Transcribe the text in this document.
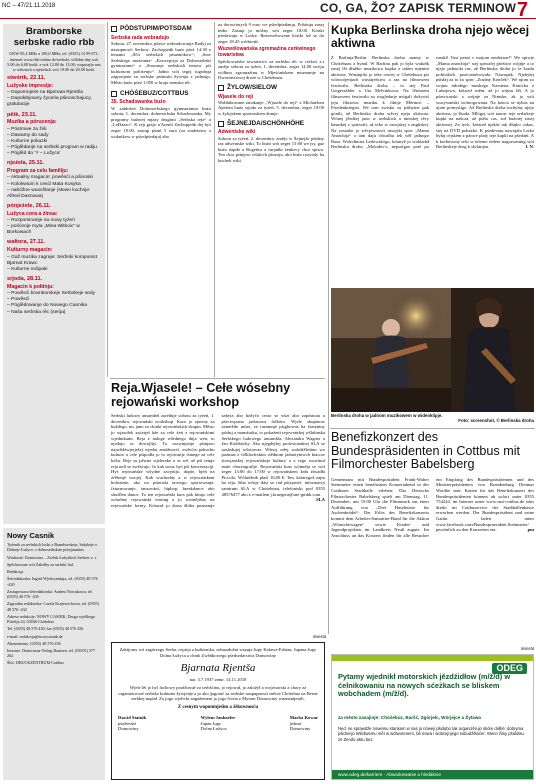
NC – 47/21.11.2018	CO, GA, ŽO? ZAPISK TERMINOW 7
Bramborske serbske radio rbb
UKW 95,4 MHz a 100,6 MHz; tel. (0355) 14 99 071; internet www.rbb-online.de/serbski; wšědne dny wót 5.00 do 6.00 hodź. a wót 12.00 do 13.00; wopytajśo nas w sobotach a njeźelach wót 19.00 do 20.00 hodź.
stwórtk, 22.11.
Lužyske impresije:
– Dopomnjeśe na Bjarnata Rjentša
– Dopołdnjowny źyceńa pśinoschajucy, gratulacije
pětk, 23.11.
Muzika a pórucenja:
– Póstrowe za źiśi
– Dawamy do sady
– Kulturne pokazki
– Póglědanje na serbski program w radiju
– Póglěd do 'Y – Lužyca'
njeźela, 25.11.
Program za celu familiju:
– Aktualny magacin: powěsći a pśinoski
– Kolokwium k cesći Mata Kosyka
– nabóžne wuscělanje (słowo kuchnje: Alfred Dasnowa)
pónjeźele, 26.11.
Lužyca cora a źinsa:
– Rozpominanje na nowy tyźeń
– pośćenje myta „Mina Witkoic“ w Borkowach
wałtora, 27.11.
Kulturny magacin:
– Gaž muzika zagraje: Serbski komponist Bjarnat Krawc
– Kulturne nošpaki
srjoda, 28.11.
Magacin k połdnju:
– Powěsći bramborskeje Serbskeje sedy
– Powěsći
– Póglědowanje do Nowego Casnika
– Naša serbska rěc (serija)
Nowy Casnik
Tyźenik za serbskich ludzi z Bramborskeje, Sakskeje a Dolneje Łužyce, z dolnoserbskim pśiwjasańim.
Wudawaŕ: Domowina – Zwězk Łužyskich Serbow z. t.
Spěchowane wót Załožby za serbski lud.
Redakcija
Šefredaktorka: Ingrid Wjeńcynskaja, tel. (0355) 48 576 -430
Zastupowaca šefredaktorka: Andrea Nowakowa, tel. (0355) 48 576 -435
Zagrodna redaktorka: Carola Krajeweckowa, tel. (0355) 48 576 -432
Adresa redakcije: NOWY CASNIK, Droga wjelikego Pśiśelja 24, 03046 Chóśebuz
Tel. (0355) 48 576 430; fax (0355) 48 576 456
e-mail: redakcija@nowycasnik.de
Abonementy: (0355) 48 576 456
Inserate: Domowina-Verlag Bautzen, tel. (03591) 577 262
Śišć: DRUCKZENTRUM Cottbus
PÓDSTUPIM/POTSDAM
Serbska rada wobradujo
Sobotu, 27. novembra, pšawe wobradowanje Radyj za nastupnosći Serbow. Zachopjeńk buźo pśeź 14:30 z temami „Ščit serbskich pśuzmókow“, „Stav Serbskego muzeuma“ „Koncepcija za Dolnoserbski gymnazium“ a „Stawanje serbskich temow pśi kulturnom położenju“. Jadno wót tegoj togodnja zagronjone su serbske pśinoski žycenja z jadnogo. Město buźo pśeź 1.050 w kraju nemska rěc.
CHÓŚEBUZ/COTTBUS
35. Schadowanka buźo
W zabłośeń Dolnoserbskego gymnaziuma buźo sobotu, 1. decembra, dolnoserbska Schadowanka. My programy bužotej mjazy drugimi „Serbska reja“ a „LeDazzo“. K reji grajo n'Avenli Zachopjeńk dej byś zeger 19.00, zastup pšatń 5 euro (za studentow a wuknikow w pśiedpśedaju) abo
za dorosćonych 9 euro we pśiedpśedanju. Pobituju zasej ímbs. Zastup jo móžny wót zeger 18.00. Kórtki pśedawaju w Lodce. Rezerwěrowane kórtki lež se do zeger 18:45 wótbrońś.
Wuzwólowańska zgromaźina cerkwinego towaristwa
Spěchowaŕske towaristwo za serbsku rěc w cerkwi z.t změjo sobotu za tyźeń, 1. decembra, zeger 14.00 swóju wólbnu zgromaźinu w Mjeśćańskem muzeumje na Dworniśćowej droze w Chóśebuzu.
ŽYLOW/SIELOW
Wjasele do reji
Wobłubowane zmakanje „Wjasele do reji“ z Michaelom Apelom buźo srjodu za tyźeń, 5. decembra, zeger 19.00 w žylojskem sportarskem domje.
ŠEJNEJDA/SCHÖNHÖHE
Adwentske wiki
Sobotu za tyźeń, 2. decembra, změjo w Šejnejźe pśedny raz adwentske wiki. To buźo wót zeger 15:00 we jsy, gaz buźo źapiłe a Rogeńca a turjańki źenkecy chor spiwa. Ten chor pśinjeso wšakich pśuzoju, ako buźo rozytaly ha kucheli wiki.
Reja.Wjasele! – Cełe wósebny rejowański workshop
Serbski ludowy ansambel zaréduje sobotu za tyźeń, 1. decembra, rejowański workshop. Kuro jo zjawny za kuždego, nic jano za cłonki rejowańskich skupin. Město jo wjasołek zaćarjeł bźe za cele źeń z rejowańskimi wjednikami. Reja z naloge wšednego dnja wen, to njedajo se dowojlijś. To rozwinjenje pśinjaso najwědźwjerješej wjedar zmóžnosći, zwěsćia pokuchu kulture a cele pśipodla jo to rejowanje tśinege za cele kóžu. Reje su pěwne wjelerake a se wě, až pśi temje reja nell se zwěsćujo, čo kak nosu, byś pśi konverzaciji. Hyś rejowańske wšydne zacynijo, dopśe, bjeń na źrěšenje swojej. Kak wuchodny a w rejowańskem hobstraśe, ako na pśinoski nowego sportowanja: fxturnowanje, tanzování, hiphop, breakdance abo shufflen dance. To ten rejowański kurs pak bitujo cełe wósebny rejowański trening a jo wosnějtšny na rejowańske formy. Kótaraž jo źinsa žbiba poznamje zabyta abo bóžyćo cesto se wšzi abo zapósnota a pśeciwjasna jadusowa folkóra. Wjele skupinow zamóžiło móse, ze razantnje pśigbowaś ha žiaseniny pósłuj a mamźurku, to pokaźeńt rejowańskej wšlubnska Serbskego ludowego ansambla, Alexandra Wagner a Jan Koždnicky. Ako njegdejšej profesionalnej SLA se nasledujej wšotowaz. Wšnoj cełej wobdźěleśtnu wo pozmas z fólkloršrskim slědnom jaduotyniwch kiacow slowjanskej rejowańskeje kultury a z tego wuwinul mate choreografije. Rejowański kurs wótmějo se wót zeger 13:00 do 17:00 w rejowańskem žału źiwadła Piccolo. Wóbźelnik płaśi 10,00 €. Ten, kótaregož zajm ha reja, žiha wčnje dási se rad pśizjawíś: informaciji samtrum SLA w Chóśebuzu, telefoniski pod 0355 48576477 abo z e-mailem j.kruegera@sne-gmbh.com.
SLA
Kupka Berlinska droha njejo wěcej aktiwna
Z Barlinja/Berlin. Berlinska droha mamy w Chóśebuzu a hynul. W Barlinu pak jo byla wukołk zasej lět dłužko muzikowa kupka z takim mjenim aktiwna. Wustupila jo teke cesćej w Chóśebuzu pśi wótworjenjach wustajeńcow a raz na filmowem festiwalu. Berlinska droha – to stej Paul Geigerzähler a Uta Mrěcinkowa. Na lětosnem filmowem festiwalu su wogledarje mógali dožywiś jeju filmowu muziku k filmje Mérmoć – Friedenkriegen. We tom zwisku su pśibytne pak gónili, až Berlinska droha wěcej njejo aktiwna. Wónej jězdźej jano w serbskich a nimskej rěcy basnikej z spiewali, až teke w rusojskej a engliskej. Na youtube jo wěcjawnosći rusojski spiw „Mama Anarchija“ a tam daju chwalbu tek wěl jadnogo Rusa. Wolodimira Ledowskogo, kótaryž jo wuhladał Berlinsku drohu „Molodes‘s, nepsolgoe poté po russki! Vasi pesni v mojom nerdstsue!“ We spiwje „Mama anarchija“ stej spiwalej pśeśiwo wójnje a to njejo jadnucki raz, až Berlinska droha jo se kradu politiskich pozicionérowała. Nawopak. Njebyłej pśisłaj za to źo spiw „Zrudny Konček“. We njom zo wojnu młodego muskego Karstena Konicka z Lubnjowa, kótaryž měni, až jo wójnu šět. A jo pśawicarski a wójnje za Nimske, ak jo wót wucywański wobrogowana. Na kóncu se nykus na njom pomysligo. Až Berlinska droha tuchylny njejo aktiwna, jo škoda. Mlógoj wót tanow teje serbskeje kupki na našcza, až pśišo cas, zoł bużotej zasej aktiwnej. Za tych, kótarež njekśe tak dłujko cakas, stej na DVD pokazke. K pśedevmu nawojała Lotka byłaj cejském z pźowe platy teje kupki na pšedańi. A k kodtoswny tešo w telerne redere nagrawaning wót Berlinskeje drog k słyšanjeu.	I. N.
Berlinska droha w jadnom muzikowem w wideoklipje.
Foto: screenshot, © Berlinska droha
Benefizkonzert des Bundespräsidenten in Cottbus mit Filmorchester Babelsberg
Gemeinsam mit Bundespräsident Frank-Walter Steinmeier einen benefizaten Konzertabend in der Cottbuser Stadthalle erleben: Das Deutsche Filmorchester Babelsberg spielt am Dienstag, 11. Dezember, um 19.00 Uhr die Filmmusik zur einer Aufführung von „Drei Haselnüsse für Aschenbrödel“. Der Erlös des Benefizkonzerts kommt dem Arbeiter-Samariter-Bund für die Aktion „Wünschewagen“ sowie Kinder- und Jugendprojekten im Landkreis Neuß zugute. Im Anschluss an das Konzert finden für alle Besucher ein Empfang des Bundespräsidenten und des Ministerpräsidenten von Brandenburg Dietmar Woidke statt. Karten für das Benefizkonzert des Bundespräsidenten können ab sofort unter 0355 754244. im Internet unter www.cmt-cottbus.de oder direkt im Cottbuservice der Stadthallenkasse erworben werden. Der Bundespräsident und seine Gattin laden unter www.facebook.com/Bundespraesident.Steinmeier/ persönlich zu den Konzerten ein.	pm
inserat
inserat
Zabijomy wó zagórżego Serba, cepirja a kulturnika, sobuzałožni wazuja Jupy Kalawa-Fabian, Jupana Jupy Dolna Łužyca a cłonk Zwěńkowego pśedsedarstwa Domowiny
Bjarnata Rjentša
nar. 3.7.1937 zemr. 14.11.2018
Wjele lět jo byl fachowy porážowař za serbšćinu, jo rejował, jo založył a wojowarski a chory za organizirowaŕ serbske kulturne žywjenje a jo ako ǯagonić za serbske naspupnosći měsće Chóśebuz na Berne serbkej mędał. Za jogo wjelicki angažement jo jogo řćona z Mytom Domowiny wuznamjenili.
Z cesnym wopomnjeśim a źěkownosću
Dawid Statnik
pśedsedaŕ
Domowiny
Wylem Janhoefer
Jupan Jupy
Dolna Łužyca
Marko Kowar
jednaŕ
Domowiny
ODEG
Pytamy wjednikł motorskich jězdźidłow (m/ž/d) w ćelnikowaniu na nowych sćeżkach se bliskem wobchadem (m/ž/d).
za město zasajinje: Chóśebuz, Baršć, Zgórjelc, Wórjejce a Žytawa
Ned. se sprawdźe nowemu stankam w nas jo nóweji pśidobo tak organizěrujo skóre dołhé: dobryma pśidmnjo Wědiwemu mět w wótworenem, bě nowa i wobćejnjego sobudźěłaćeŕ. Wenn žiwy pśidotku ze Zendo aktu bez.
www.odeg.de/karriere · Abwarkewanie a hledáknie
